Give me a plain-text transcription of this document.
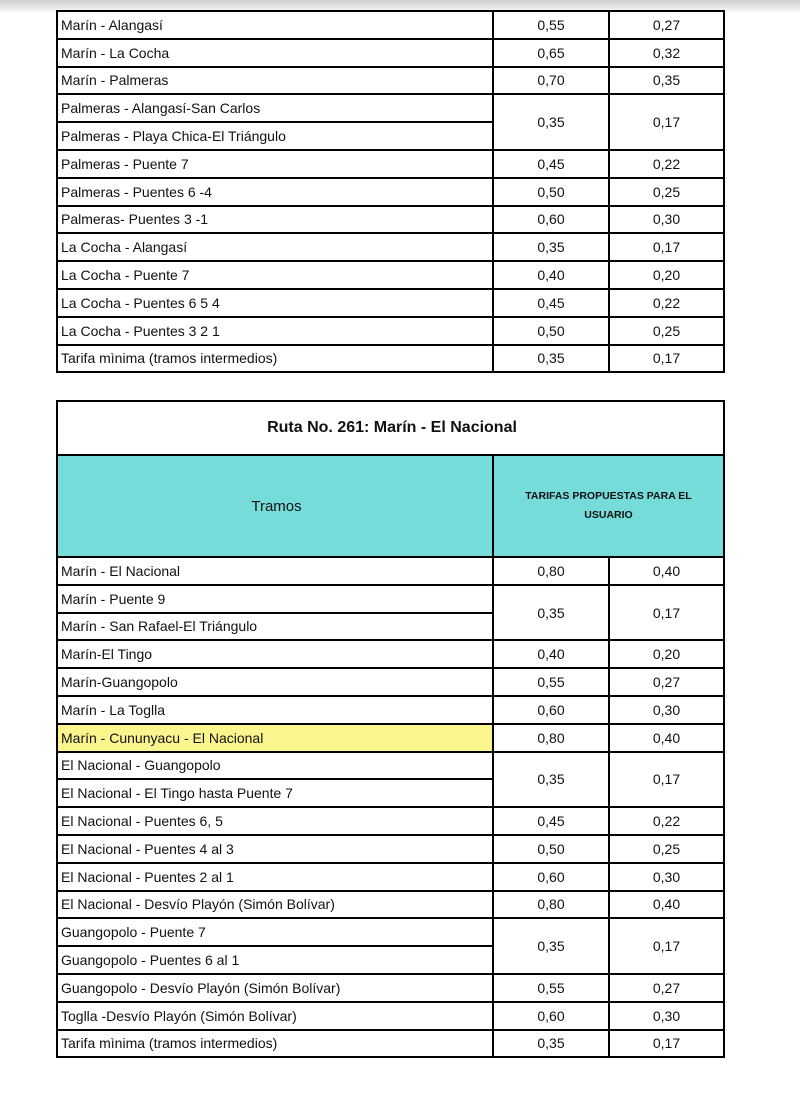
Marín - Alangasí	0,55	0,27
Marín - La Cocha	0,65	0,32
Marín - Palmeras	0,70	0,35
Palmeras - Alangasí-San Carlos	0,35	0,17
Palmeras - Playa Chica-El Triángulo		
Palmeras - Puente 7	0,45	0,22
Palmeras - Puentes 6 -4	0,50	0,25
Palmeras- Puentes 3 -1	0,60	0,30
La Cocha - Alangasí	0,35	0,17
La Cocha - Puente 7	0,40	0,20
La Cocha - Puentes 6 5 4	0,45	0,22
La Cocha - Puentes 3 2 1	0,50	0,25
Tarifa mìnima (tramos intermedios)	0,35	0,17
Ruta No. 261: Marín - El Nacional		
Tramos	TARIFAS PROPUESTAS PARA EL USUARIO	
Marín - El Nacional	0,80	0,40
Marín - Puente 9	0,35	0,17
Marín - San Rafael-El Triángulo		
Marín-El Tingo	0,40	0,20
Marín-Guangopolo	0,55	0,27
Marín - La Toglla	0,60	0,30
Marín - Cununyacu - El Nacional	0,80	0,40
El Nacional - Guangopolo	0,35	0,17
El Nacional - El Tingo hasta Puente 7		
El Nacional - Puentes 6, 5	0,45	0,22
El Nacional - Puentes 4 al 3	0,50	0,25
El Nacional - Puentes 2 al 1	0,60	0,30
El Nacional - Desvío Playón (Simón Bolívar)	0,80	0,40
Guangopolo - Puente 7	0,35	0,17
Guangopolo - Puentes 6 al 1		
Guangopolo - Desvío Playón (Simón Bolívar)	0,55	0,27
Toglla -Desvío Playón (Simón Bolívar)	0,60	0,30
Tarifa mìnima (tramos intermedios)	0,35	0,17
